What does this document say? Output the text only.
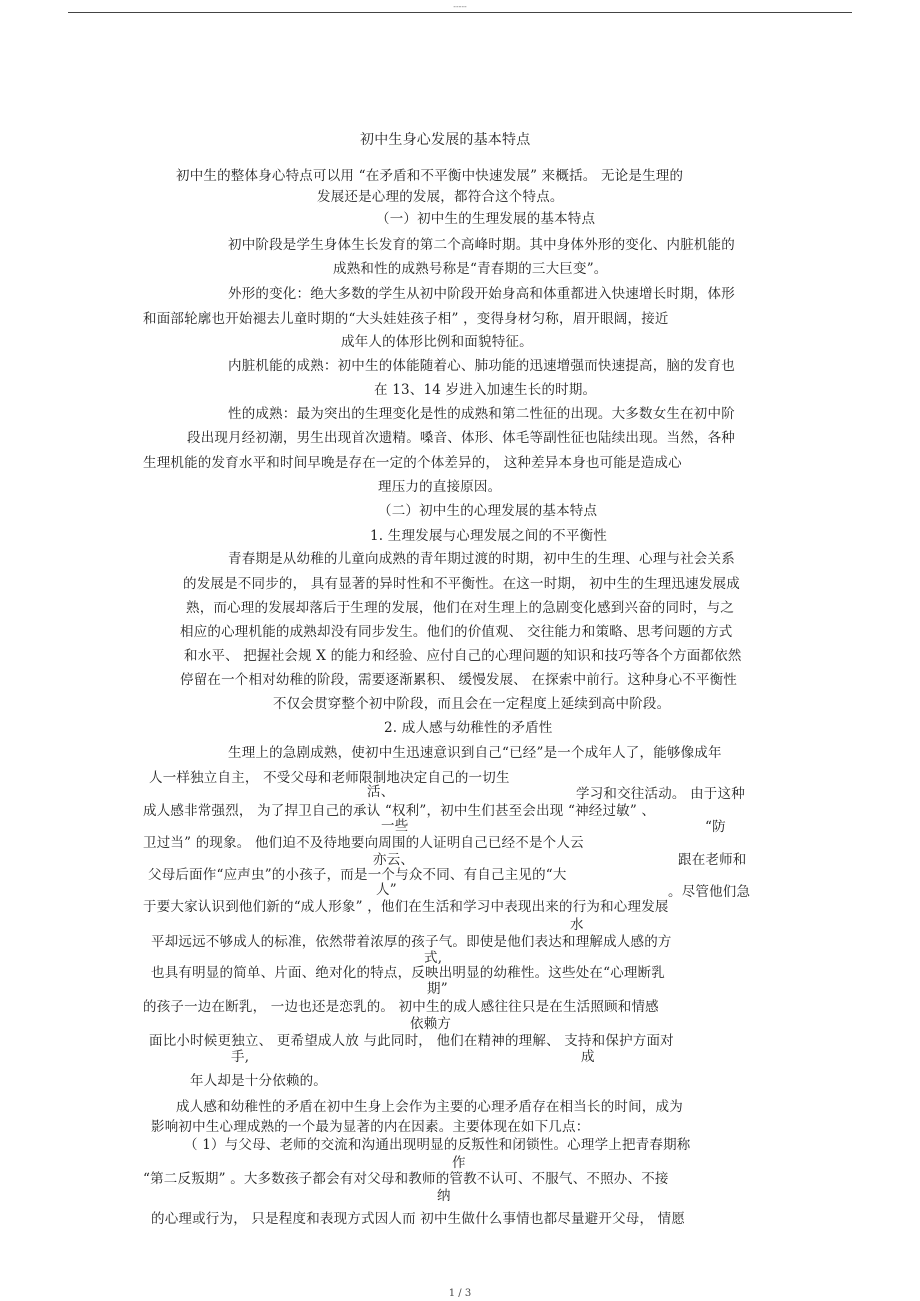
-----
初中生身心发展的基本特点
初中生的整体身心特点可以用 “在矛盾和不平衡中快速发展” 来概括。 无论是生理的
发展还是心理的发展，都符合这个特点。
（一）初中生的生理发展的基本特点
初中阶段是学生身体生长发育的第二个高峰时期。其中身体外形的变化、内脏机能的
成熟和性的成熟号称是“青春期的三大巨变”。
外形的变化：绝大多数的学生从初中阶段开始身高和体重都进入快速增长时期，体形
和面部轮廓也开始褪去儿童时期的“大头娃娃孩子相” ，变得身材匀称，眉开眼阔，接近
成年人的体形比例和面貌特征。
内脏机能的成熟：初中生的体能随着心、肺功能的迅速增强而快速提高，脑的发育也
在 13、14 岁进入加速生长的时期。
性的成熟：最为突出的生理变化是性的成熟和第二性征的出现。大多数女生在初中阶
段出现月经初潮，男生出现首次遗精。嗓音、体形、体毛等副性征也陆续出现。当然，各种
生理机能的发育水平和时间早晚是存在一定的个体差异的， 这种差异本身也可能是造成心
理压力的直接原因。
（二）初中生的心理发展的基本特点
1. 生理发展与心理发展之间的不平衡性
青春期是从幼稚的儿童向成熟的青年期过渡的时期，初中生的生理、心理与社会关系
的发展是不同步的， 具有显著的异时性和不平衡性。在这一时期， 初中生的生理迅速发展成
熟，而心理的发展却落后于生理的发展，他们在对生理上的急剧变化感到兴奋的同时，与之
相应的心理机能的成熟却没有同步发生。他们的价值观、 交往能力和策略、思考问题的方式
和水平、 把握社会规 X 的能力和经验、应付自己的心理问题的知识和技巧等各个方面都依然
停留在一个相对幼稚的阶段，需要逐渐累积、 缓慢发展、 在探索中前行。这种身心不平衡性
不仅会贯穿整个初中阶段，而且会在一定程度上延续到高中阶段。
2. 成人感与幼稚性的矛盾性
生理上的急剧成熟，使初中生迅速意识到自己“已经”是一个成年人了，能够像成年
人一样独立自主， 不受父母和老师限制地决定自己的一切生
活、	学习和交往活动。 由于这种
成人感非常强烈， 为了捍卫自己的承认 “权利”，初中生们甚至会出现 “神经过敏” 、
一些	“防
卫过当” 的现象。 他们迫不及待地要向周围的人证明自己已经不是个人云
亦云、	跟在老师和
父母后面作“应声虫”的小孩子，而是一个与众不同、有自己主见的“大
人”	。尽管他们急
于要大家认识到他们新的“成人形象” ，他们在生活和学习中表现出来的行为和心理发展
水
平却远远不够成人的标准，依然带着浓厚的孩子气。即使是他们表达和理解成人感的方
式,
也具有明显的简单、片面、绝对化的特点，反映出明显的幼稚性。这些处在“心理断乳
期”
的孩子一边在断乳， 一边也还是恋乳的。 初中生的成人感往往只是在生活照顾和情感
依赖方
面比小时候更独立、 更希望成人放 与此同时， 他们在精神的理解、 支持和保护方面对
手,	成
年人却是十分依赖的。
成人感和幼稚性的矛盾在初中生身上会作为主要的心理矛盾存在相当长的时间，成为
影响初中生心理成熟的一个最为显著的内在因素。主要体现在如下几点：
（ 1）与父母、老师的交流和沟通出现明显的反叛性和闭锁性。心理学上把青春期称
作
“第二反叛期” 。大多数孩子都会有对父母和教师的管教不认可、不服气、不照办、不接
纳
的心理或行为， 只是程度和表现方式因人而 初中生做什么事情也都尽量避开父母， 情愿
1 / 3
